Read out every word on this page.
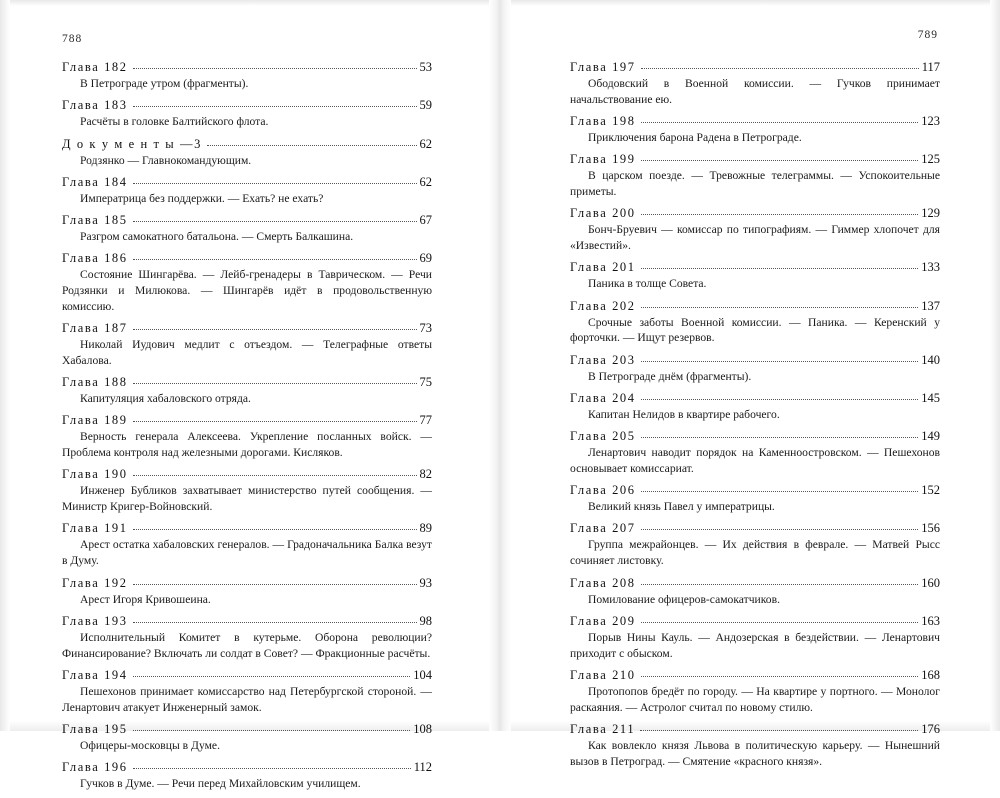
788	789
Глава 182	53
В Петрограде утром (фрагменты).
Глава 183	59
Расчёты в головке Балтийского флота.
Д о к у м е н т ы —3	62
Родзянко — Главнокомандующим.
Глава 184	62
Императрица без поддержки. — Ехать? не ехать?
Глава 185	67
Разгром самокатного батальона. — Смерть Балкашина.
Глава 186	69
Состояние Шингарёва. — Лейб-гренадеры в Таврическом. — Речи Родзянки и Милюкова. — Шингарёв идёт в продовольственную комиссию.
Глава 187	73
Николай Иудович медлит с отъездом. — Телеграфные ответы Хабалова.
Глава 188	75
Капитуляция хабаловского отряда.
Глава 189	77
Верность генерала Алексеева. Укрепление посланных войск. — Проблема контроля над железными дорогами. Кисляков.
Глава 190	82
Инженер Бубликов захватывает министерство путей сообщения. — Министр Кригер-Войновский.
Глава 191	89
Арест остатка хабаловских генералов. — Градоначальника Балка везут в Думу.
Глава 192	93
Арест Игоря Кривошеина.
Глава 193	98
Исполнительный Комитет в кутерьме. Оборона революции? Финансирование? Включать ли солдат в Совет? — Фракционные расчёты.
Глава 194	104
Пешехонов принимает комиссарство над Петербургской стороной. — Ленартович атакует Инженерный замок.
Глава 195	108
Офицеры-московцы в Думе.
Глава 196	112
Гучков в Думе. — Речи перед Михайловским училищем.
Глава 197	117
Ободовский в Военной комиссии. — Гучков принимает начальствование ею.
Глава 198	123
Приключения барона Радена в Петрограде.
Глава 199	125
В царском поезде. — Тревожные телеграммы. — Успокоительные приметы.
Глава 200	129
Бонч-Бруевич — комиссар по типографиям. — Гиммер хлопочет для «Известий».
Глава 201	133
Паника в толще Совета.
Глава 202	137
Срочные заботы Военной комиссии. — Паника. — Керенский у форточки. — Ищут резервов.
Глава 203	140
В Петрограде днём (фрагменты).
Глава 204	145
Капитан Нелидов в квартире рабочего.
Глава 205	149
Ленартович наводит порядок на Каменноостровском. — Пешехонов основывает комиссариат.
Глава 206	152
Великий князь Павел у императрицы.
Глава 207	156
Группа межрайонцев. — Их действия в феврале. — Матвей Рысс сочиняет листовку.
Глава 208	160
Помилование офицеров-самокатчиков.
Глава 209	163
Порыв Нины Кауль. — Андозерская в бездействии. — Ленартович приходит с обыском.
Глава 210	168
Протопопов бредёт по городу. — На квартире у портного. — Монолог раскаяния. — Астролог считал по новому стилю.
Глава 211	176
Как вовлекло князя Львова в политическую карьеру. — Нынешний вызов в Петроград. — Смятение «красного князя».
